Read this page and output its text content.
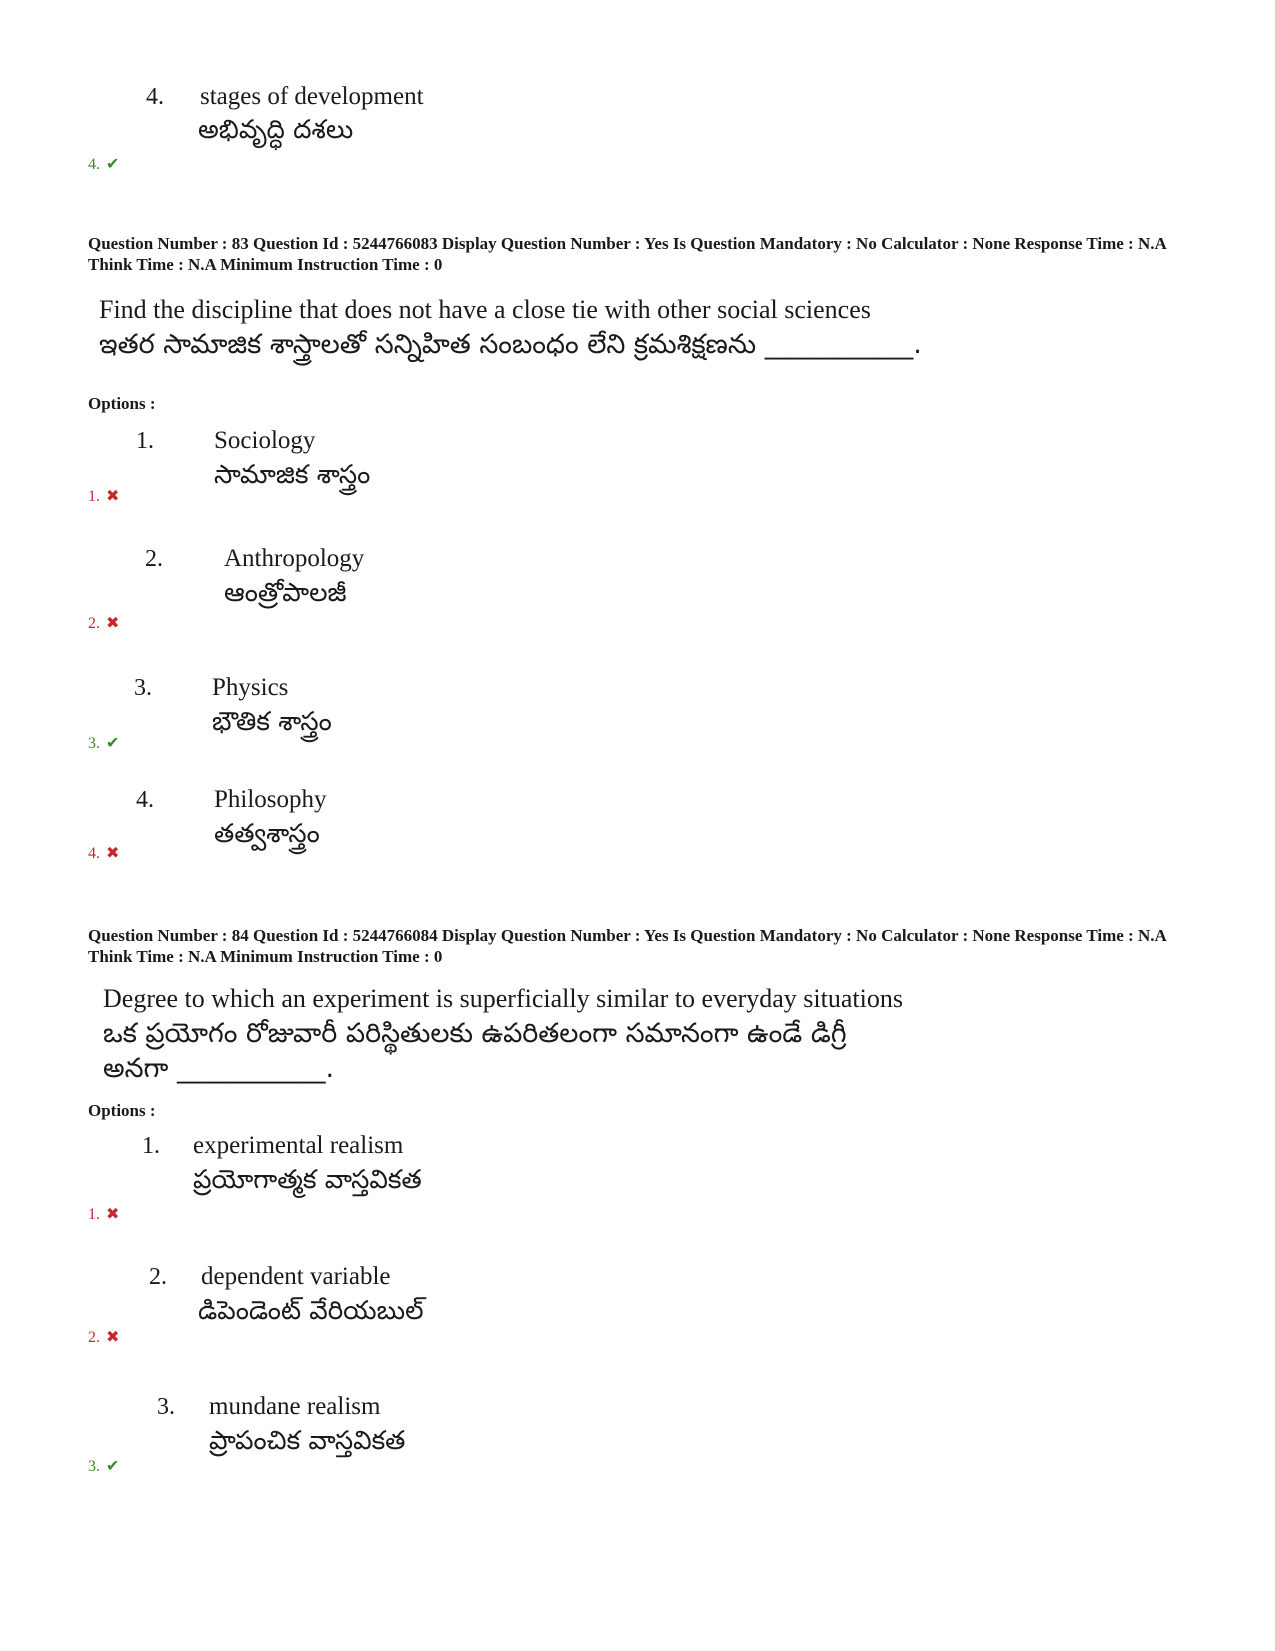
4. stages of development
అభివృద్ధి దశలు
4. ✔
Question Number : 83 Question Id : 5244766083 Display Question Number : Yes Is Question Mandatory : No Calculator : None Response Time : N.A Think Time : N.A Minimum Instruction Time : 0
Find the discipline that does not have a close tie with other social sciences
ఇతర సామాజిక శాస్త్రాలతో సన్నిహిత సంబంధం లేని క్రమశిక్షణను ___________.
Options :
1. Sociology
సామాజిక శాస్త్రం
1. ✖
2. Anthropology
ఆంత్రోపాలజీ
2. ✖
3. Physics
భౌతిక శాస్త్రం
3. ✔
4. Philosophy
తత్వశాస్త్రం
4. ✖
Question Number : 84 Question Id : 5244766084 Display Question Number : Yes Is Question Mandatory : No Calculator : None Response Time : N.A Think Time : N.A Minimum Instruction Time : 0
Degree to which an experiment is superficially similar to everyday situations
ఒక ప్రయోగం రోజువారీ పరిస్థితులకు ఉపరితలంగా సమానంగా ఉండే డిగ్రీ
అనగా ___________.
Options :
1. experimental realism
ప్రయోగాత్మక వాస్తవికత
1. ✖
2. dependent variable
డిపెండెంట్ వేరియబుల్
2. ✖
3. mundane realism
ప్రాపంచిక వాస్తవికత
3. ✔
